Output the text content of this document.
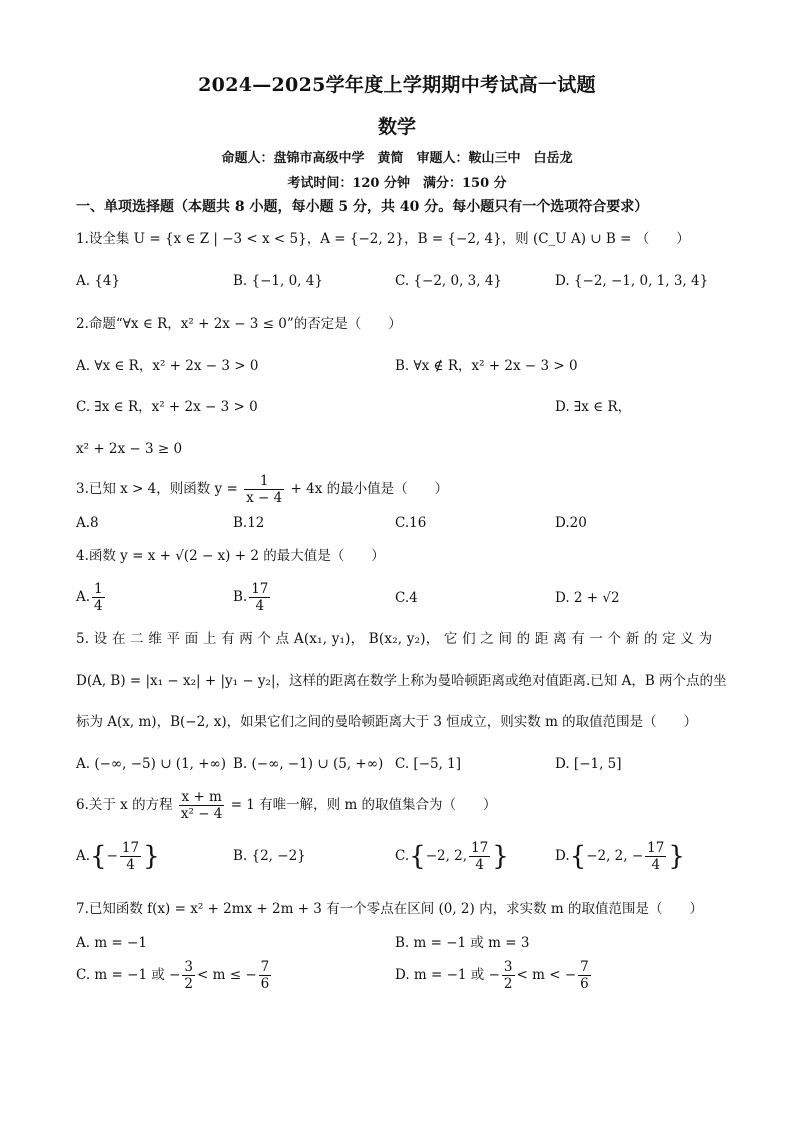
2024—2025学年度上学期期中考试高一试题
数学
命题人：盘锦市高级中学　黄简　审题人：鞍山三中　白岳龙
考试时间：120 分钟　满分：150 分
一、单项选择题（本题共 8 小题，每小题 5 分，共 40 分。每小题只有一个选项符合要求）
1.设全集 U = {x ∈ Z | −3 < x < 5}，A = {−2, 2}，B = {−2, 4}，则 (C_U A) ∪ B = （　　）
A. {4}	B. {−1, 0, 4}	C. {−2, 0, 3, 4}	D. {−2, −1, 0, 1, 3, 4}
2.命题“∀x ∈ R，x² + 2x − 3 ≤ 0”的否定是（　　）
A. ∀x ∈ R，x² + 2x − 3 > 0	B. ∀x ∉ R，x² + 2x − 3 > 0
C. ∃x ∈ R，x² + 2x − 3 > 0	D. ∃x ∈ R，
x² + 2x − 3 ≥ 0
3.已知 x > 4，则函数 $y = \frac{1}{x - 4} + 4x$ 的最小值是（　　）
A.8	B.12	C.16	D.20
4.函数 y = x + √(2 − x) + 2 的最大值是（　　）
A. $\frac{1}{4}$	B. $\frac{17}{4}$	C.4	D. 2 + √2
5. 设 在 二 维 平 面 上 有 两 个 点 A(x₁, y₁)， B(x₂, y₂)， 它 们 之 间 的 距 离 有 一 个 新 的 定 义 为
D(A, B) = |x₁ − x₂| + |y₁ − y₂|，这样的距离在数学上称为曼哈顿距离或绝对值距离.已知 A，B 两个点的坐
标为 A(x, m)，B(−2, x)，如果它们之间的曼哈顿距离大于 3 恒成立，则实数 m 的取值范围是（　　）
A. (−∞, −5) ∪ (1, +∞) B. (−∞, −1) ∪ (5, +∞) C. [−5, 1]	D. [−1, 5]
6.关于 x 的方程 $\frac{x + m}{\text{x² − 4}} = 1$ 有唯一解，则 m 的取值集合为（　　）
$A.\{- \frac{17}{4}$ }	B. {2, −2}	C.{−2, 2, $\frac{17}{4}$ }	D.{−2, 2, − $\frac{17}{4}$ }
7.已知函数 f(x) = x² + 2mx + 2m + 3 有一个零点在区间 (0, 2) 内，求实数 m 的取值范围是（　　）
A. m = −1	B. m = −1 或 m = 3
C. m = −1 或 − $\frac{3}{2} < m$ ≤ − $\frac{7}{6}$	D. m = −1 或 − $\frac{3}{2} < m$ < − $\frac{7}{6}$
